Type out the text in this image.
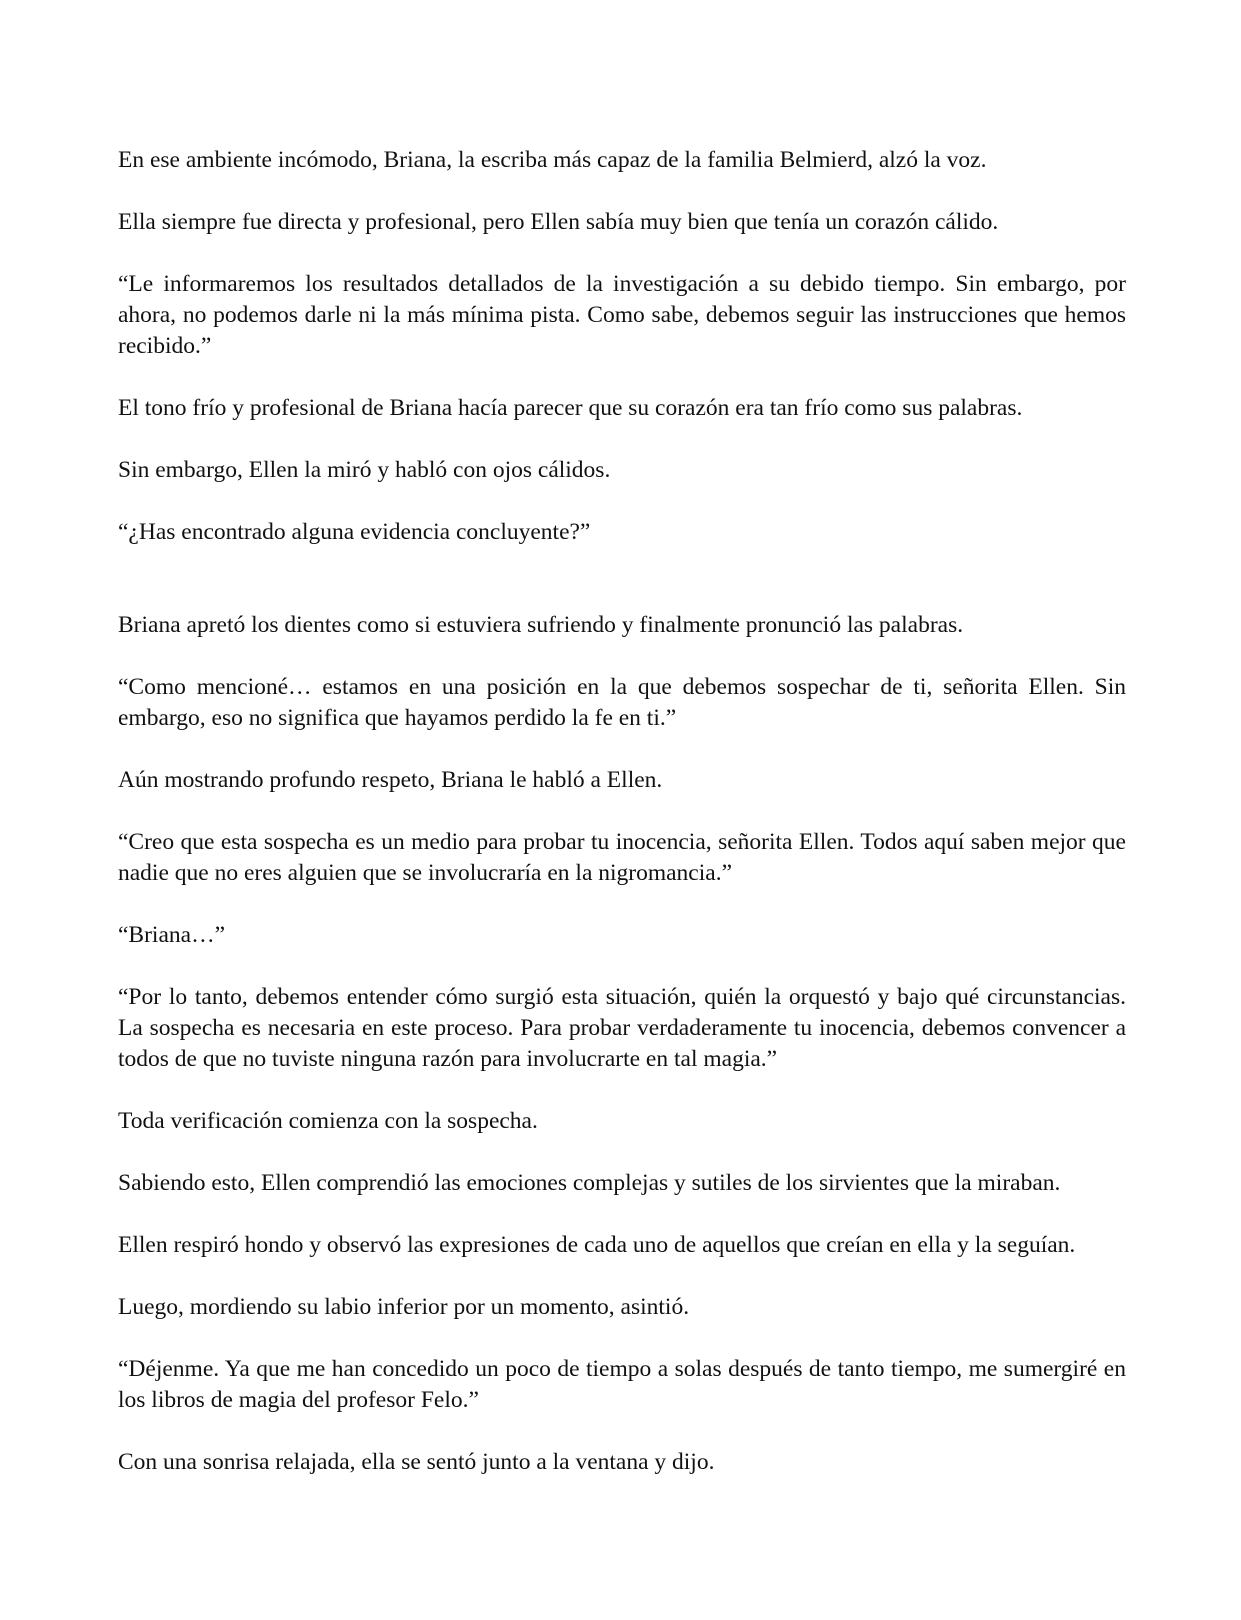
En ese ambiente incómodo, Briana, la escriba más capaz de la familia Belmierd, alzó la voz.

Ella siempre fue directa y profesional, pero Ellen sabía muy bien que tenía un corazón cálido.

“Le informaremos los resultados detallados de la investigación a su debido tiempo. Sin embargo, por ahora, no podemos darle ni la más mínima pista. Como sabe, debemos seguir las instrucciones que hemos recibido.”

El tono frío y profesional de Briana hacía parecer que su corazón era tan frío como sus palabras.

Sin embargo, Ellen la miró y habló con ojos cálidos.

“¿Has encontrado alguna evidencia concluyente?”

Briana apretó los dientes como si estuviera sufriendo y finalmente pronunció las palabras.

“Como mencioné… estamos en una posición en la que debemos sospechar de ti, señorita Ellen. Sin embargo, eso no significa que hayamos perdido la fe en ti.”

Aún mostrando profundo respeto, Briana le habló a Ellen.

“Creo que esta sospecha es un medio para probar tu inocencia, señorita Ellen. Todos aquí saben mejor que nadie que no eres alguien que se involucraría en la nigromancia.”

“Briana…”

“Por lo tanto, debemos entender cómo surgió esta situación, quién la orquestó y bajo qué circunstancias. La sospecha es necesaria en este proceso. Para probar verdaderamente tu inocencia, debemos convencer a todos de que no tuviste ninguna razón para involucrarte en tal magia.”

Toda verificación comienza con la sospecha.

Sabiendo esto, Ellen comprendió las emociones complejas y sutiles de los sirvientes que la miraban.

Ellen respiró hondo y observó las expresiones de cada uno de aquellos que creían en ella y la seguían.

Luego, mordiendo su labio inferior por un momento, asintió.

“Déjenme. Ya que me han concedido un poco de tiempo a solas después de tanto tiempo, me sumergiré en los libros de magia del profesor Felo.”

Con una sonrisa relajada, ella se sentó junto a la ventana y dijo.
